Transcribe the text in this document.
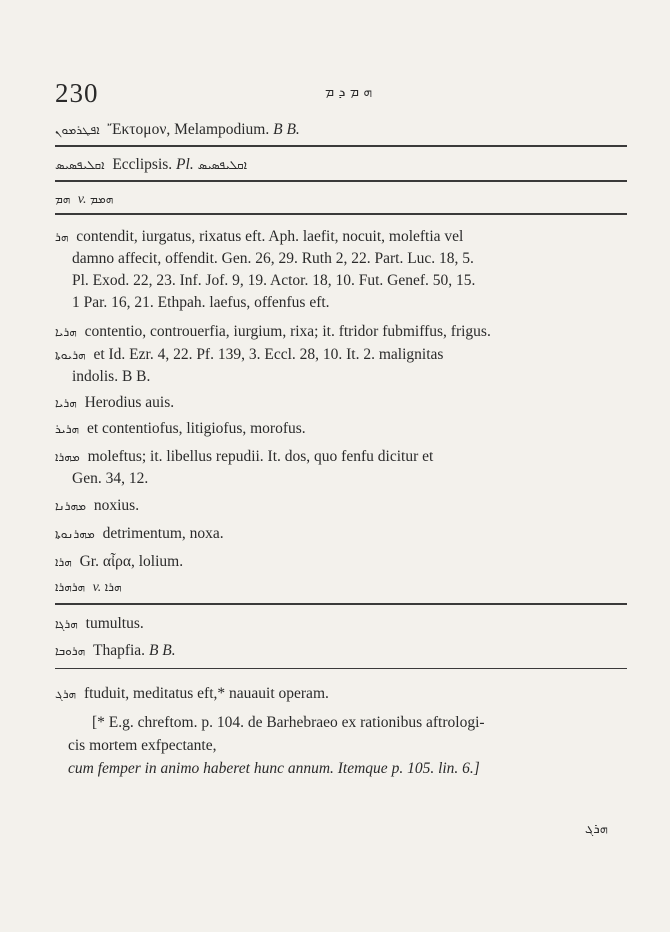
230	ܗ ܡ ܕ ܡ
ܐܦܛܪܡܘܢ Ἔκτομον, Melampodium. B B.
ܐܩܠܝܦܣܝܣ Ecclipsis. Pl. ܐܩܠܝܦܣܝܣ
ܗܡ v. ܗܡܡ
ܗܪ contendit, iurgatus, rixatus eft. Aph. laefit, nocuit, moleftia vel
damno affecit, offendit. Gen. 26, 29. Ruth 2, 22. Part. Luc. 18, 5.
Pl. Exod. 22, 23. Inf. Jof. 9, 19. Actor. 18, 10. Fut. Genef. 50, 15.
1 Par. 16, 21. Ethpah. laefus, offenfus eft.
ܗܪܝܐ contentio, controuerfia, iurgium, rixa; it. ftridor fubmiffus, frigus.
ܗܪܝܘܬܐ et Id. Ezr. 4, 22. Pf. 139, 3. Eccl. 28, 10. It. 2. malignitas
indolis. B B.
ܗܪܝܐ Herodius auis.
ܗܪܝܪ et contentiofus, litigiofus, morofus.
ܡܗܪܐ moleftus; it. libellus repudii. It. dos, quo fenfu dicitur et
Gen. 34, 12.
ܡܗܪܢܐ noxius.
ܡܗܪܢܘܬܐ detrimentum, noxa.
ܗܪܐ Gr. αἶρα, lolium.
ܗܪܗܪܐ v. ܗܪܐ
ܗܪܓܐ tumultus.
ܗܪܘܒܐ Thapfia. B B.
ܗܪܓ ftuduit, meditatus eft,* nauauit operam.
[* E.g. chreftom. p. 104. de Barhebraeo ex rationibus aftrologi-
cis mortem exfpectante,
cum femper in animo haberet hunc annum. Itemque p. 105. lin. 6.]
ܗܪܓ
